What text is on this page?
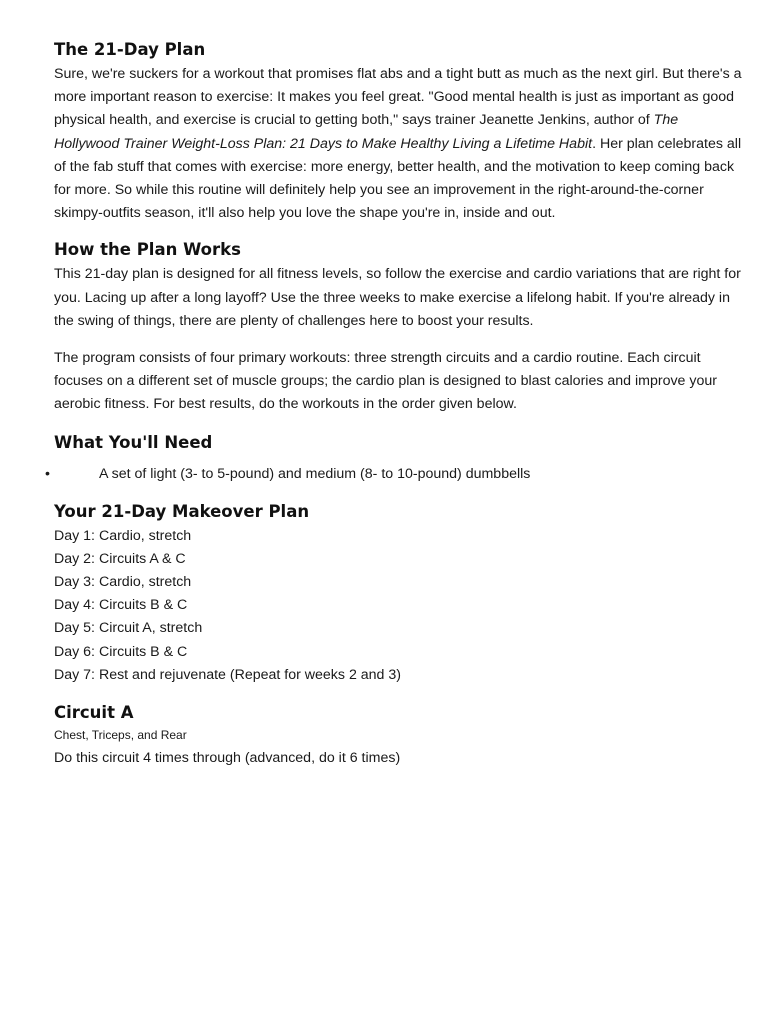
The 21-Day Plan

Sure, we're suckers for a workout that promises flat abs and a tight butt as much as the next girl. But there's a more important reason to exercise: It makes you feel great. "Good mental health is just as important as good physical health, and exercise is crucial to getting both," says trainer Jeanette Jenkins, author of The Hollywood Trainer Weight-Loss Plan: 21 Days to Make Healthy Living a Lifetime Habit. Her plan celebrates all of the fab stuff that comes with exercise: more energy, better health, and the motivation to keep coming back for more. So while this routine will definitely help you see an improvement in the right-around-the-corner skimpy-outfits season, it'll also help you love the shape you're in, inside and out.

How the Plan Works

This 21-day plan is designed for all fitness levels, so follow the exercise and cardio variations that are right for you. Lacing up after a long layoff? Use the three weeks to make exercise a lifelong habit. If you're already in the swing of things, there are plenty of challenges here to boost your results.

The program consists of four primary workouts: three strength circuits and a cardio routine. Each circuit focuses on a different set of muscle groups; the cardio plan is designed to blast calories and improve your aerobic fitness. For best results, do the workouts in the order given below.

What You'll Need
•	A set of light (3- to 5-pound) and medium (8- to 10-pound) dumbbells
Your 21-Day Makeover Plan
Day 1: Cardio, stretch
Day 2: Circuits A & C
Day 3: Cardio, stretch
Day 4: Circuits B & C
Day 5: Circuit A, stretch
Day 6: Circuits B & C
Day 7: Rest and rejuvenate (Repeat for weeks 2 and 3)
Circuit A
Chest, Triceps, and Rear
Do this circuit 4 times through (advanced, do it 6 times)
